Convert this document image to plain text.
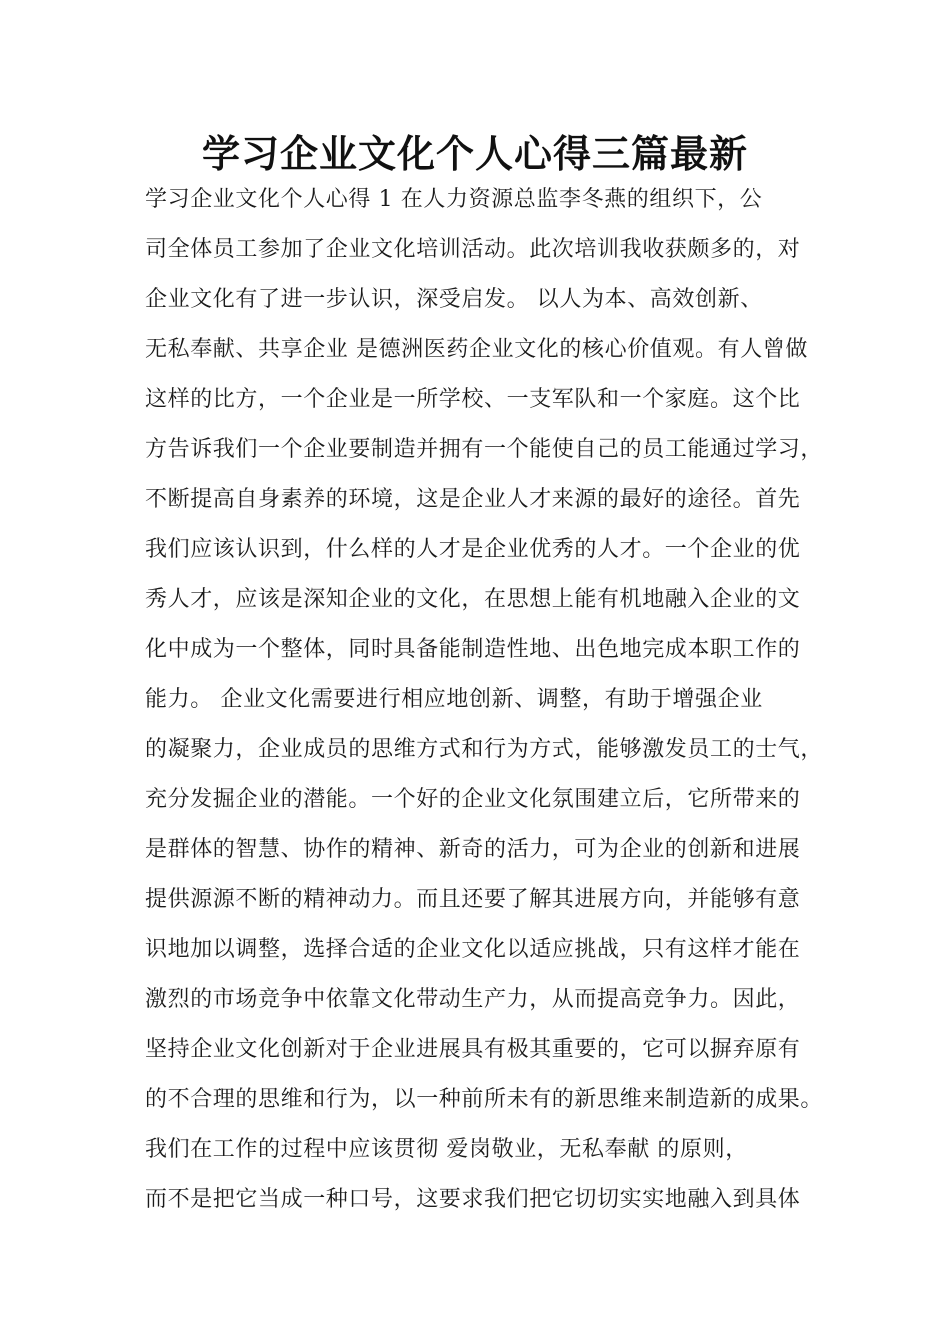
学习企业文化个人心得三篇最新
学习企业文化个人心得 1 在人力资源总监李冬燕的组织下，公
司全体员工参加了企业文化培训活动。此次培训我收获颇多的，对
企业文化有了进一步认识，深受启发。 以人为本、高效创新、
无私奉献、共享企业 是德洲医药企业文化的核心价值观。有人曾做
这样的比方，一个企业是一所学校、一支军队和一个家庭。这个比
方告诉我们一个企业要制造并拥有一个能使自己的员工能通过学习，
不断提高自身素养的环境，这是企业人才来源的最好的途径。首先
我们应该认识到，什么样的人才是企业优秀的人才。一个企业的优
秀人才，应该是深知企业的文化，在思想上能有机地融入企业的文
化中成为一个整体，同时具备能制造性地、出色地完成本职工作的
能力。 企业文化需要进行相应地创新、调整，有助于增强企业
的凝聚力，企业成员的思维方式和行为方式，能够激发员工的士气，
充分发掘企业的潜能。一个好的企业文化氛围建立后，它所带来的
是群体的智慧、协作的精神、新奇的活力，可为企业的创新和进展
提供源源不断的精神动力。而且还要了解其进展方向，并能够有意
识地加以调整，选择合适的企业文化以适应挑战，只有这样才能在
激烈的市场竞争中依靠文化带动生产力，从而提高竞争力。因此，
坚持企业文化创新对于企业进展具有极其重要的，它可以摒弃原有
的不合理的思维和行为，以一种前所未有的新思维来制造新的成果。
我们在工作的过程中应该贯彻 爱岗敬业，无私奉献 的原则，
而不是把它当成一种口号，这要求我们把它切切实实地融入到具体
